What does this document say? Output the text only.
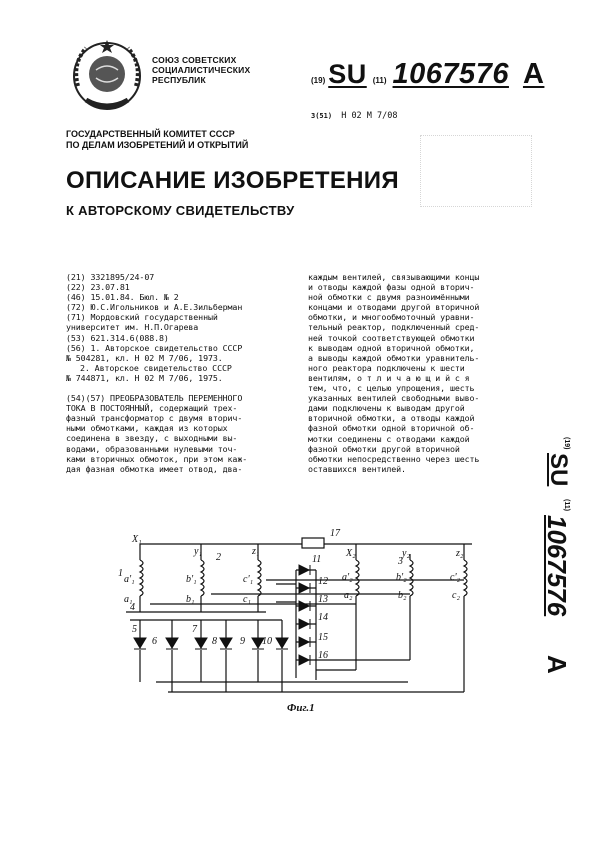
СОЮЗ СОВЕТСКИХ
СОЦИАЛИСТИЧЕСКИХ
РЕСПУБЛИК	(19) SU (11) 1067576 A
3(51) Н 02 М 7/08
ГОСУДАРСТВЕННЫЙ КОМИТЕТ СССР
ПО ДЕЛАМ ИЗОБРЕТЕНИЙ И ОТКРЫТИЙ
ОПИСАНИЕ ИЗОБРЕТЕНИЯ
К АВТОРСКОМУ СВИДЕТЕЛЬСТВУ
(21) 3321895/24-07
(22) 23.07.81
(46) 15.01.84. Бюл. № 2
(72) Ю.С.Игольников и А.Е.Зильберман
(71) Мордовский государственный
университет им. Н.П.Огарева
(53) 621.314.6(088.8)
(56) 1. Авторское свидетельство СССР
№ 504281, кл. Н 02 М 7/06, 1973.
2. Авторское свидетельство СССР
№ 744871, кл. Н 02 М 7/06, 1975.
(54)(57) ПРЕОБРАЗОВАТЕЛЬ ПЕРЕМЕННОГО
ТОКА В ПОСТОЯННЫЙ, содержащий трех-
фазный трансформатор с двумя вторич-
ными обмотками, каждая из которых
соединена в звезду, с выходными вы-
водами, образованными нулевыми точ-
ками вторичных обмоток, при этом каж-
дая фазная обмотка имеет отвод, два-
каждым вентилей, связывающими концы
и отводы каждой фазы одной вторич-
ной обмотки с двумя разноимёнными
концами и отводами другой вторичной
обмотки, и многообмоточный уравни-
тельный реактор, подключенный сред-
ней точкой соответствующей обмотки
к выводам одной вторичной обмотки,
а выводы каждой обмотки уравнитель-
ного реактора подключены к шести
вентилям, о т л и ч а ю щ и й с я
тем, что, с целью упрощения, шесть
указанных вентилей свободными выво-
дами подключены к выводам другой
вторичной обмотки, а отводы каждой
фазной обмотки одной вторичной об-
мотки соединены с отводами каждой
фазной обмотки другой вторичной
обмотки непосредственно через шесть
оставшихся вентилей.
(19)
SU
(11)
1067576
A
X₁
y₁	z₁	X₂	y₂	z₂
a'₁	b'₁	c'₁	a'₂	b'₂	c'₂
a₁	b₁	c₁	a₂	b₂	c₂
1
2	3
4
5
6
7
8 9 10
11
12
13
14
15
16
17
Фиг.1
